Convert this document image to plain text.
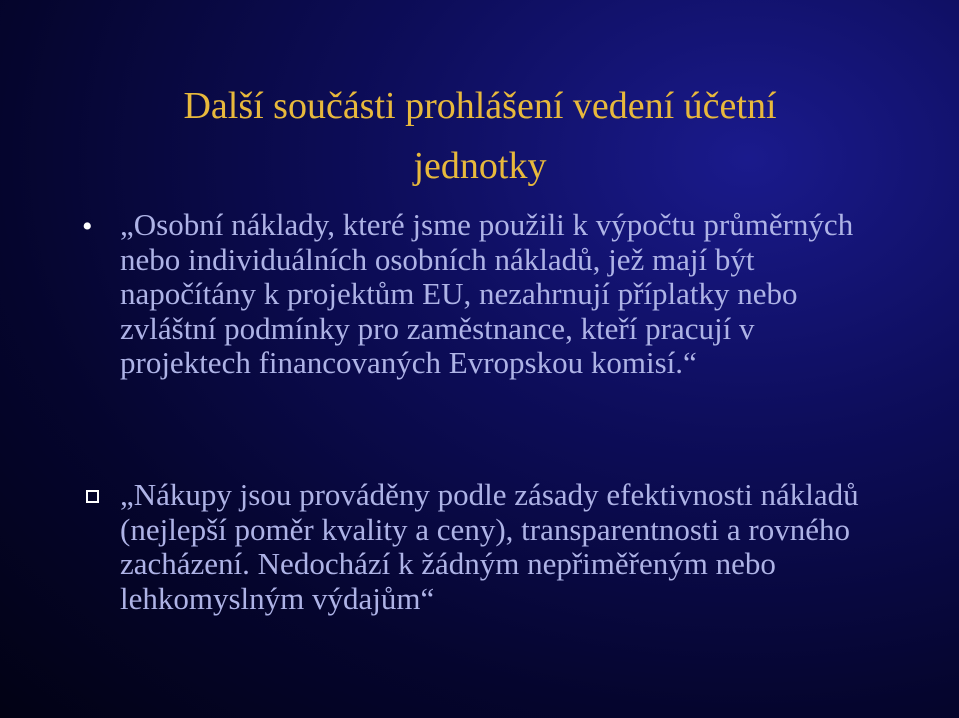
Další součásti prohlášení vedení účetní
jednotky
• „Osobní náklady, které jsme použili k výpočtu průměrných nebo individuálních osobních nákladů, jež mají být napočítány k projektům EU, nezahrnují příplatky nebo zvláštní podmínky pro zaměstnance, kteří pracují v projektech financovaných Evropskou komisí.“
„Nákupy jsou prováděny podle zásady efektivnosti nákladů (nejlepší poměr kvality a ceny), transparentnosti a rovného zacházení. Nedochází k žádným nepřiměřeným nebo lehkomyslným výdajům“
